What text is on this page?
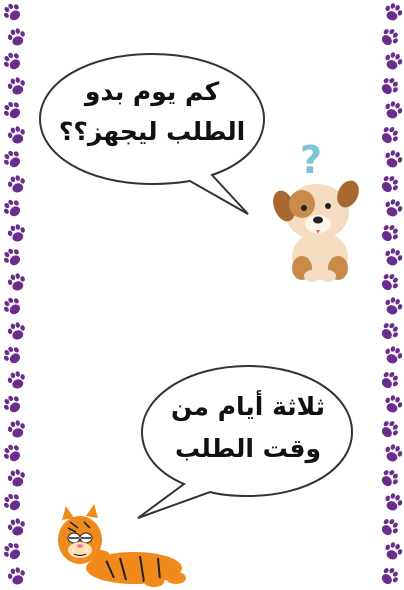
كم يوم بدو
الطلب ليجهز؟؟
?
ثلاثة أيام من
وقت الطلب
